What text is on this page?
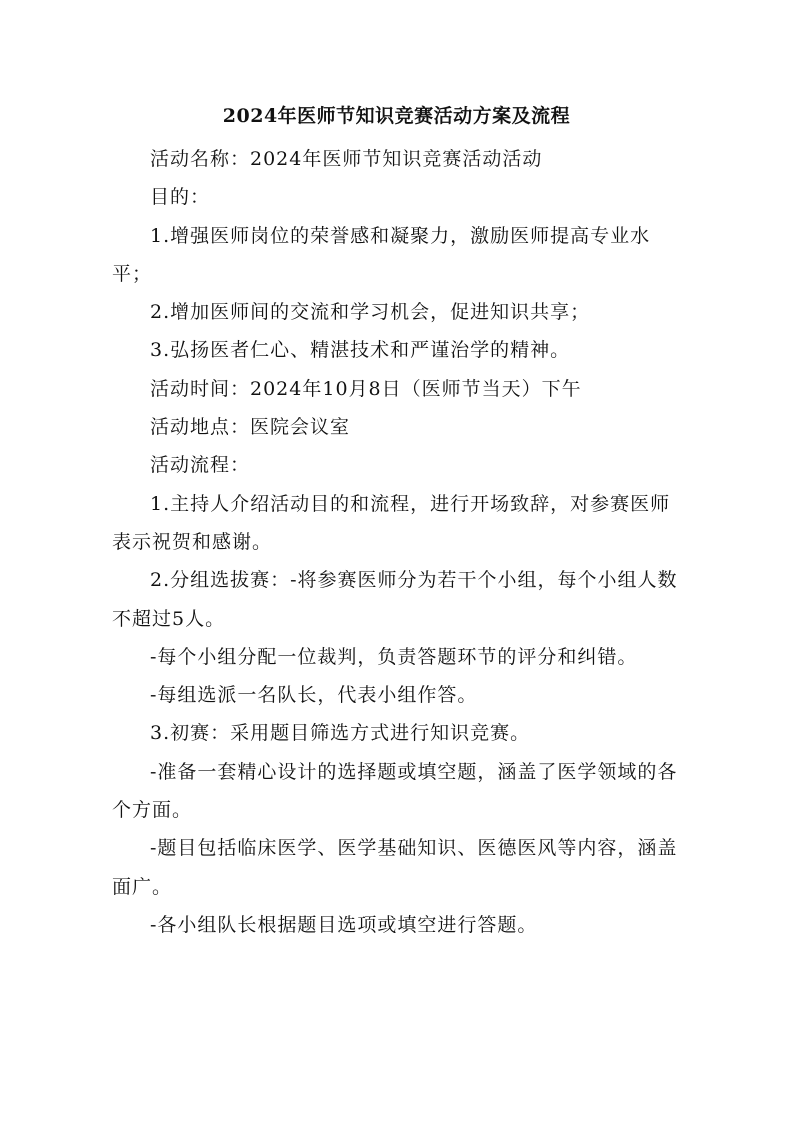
2024年医师节知识竞赛活动方案及流程

活动名称：2024年医师节知识竞赛活动活动

目的：

1.增强医师岗位的荣誉感和凝聚力，激励医师提高专业水平；

2.增加医师间的交流和学习机会，促进知识共享；

3.弘扬医者仁心、精湛技术和严谨治学的精神。

活动时间：2024年10月8日（医师节当天）下午

活动地点：医院会议室

活动流程：

1.主持人介绍活动目的和流程，进行开场致辞，对参赛医师表示祝贺和感谢。

2.分组选拔赛：-将参赛医师分为若干个小组，每个小组人数不超过5人。

-每个小组分配一位裁判，负责答题环节的评分和纠错。

-每组选派一名队长，代表小组作答。

3.初赛：采用题目筛选方式进行知识竞赛。

-准备一套精心设计的选择题或填空题，涵盖了医学领域的各个方面。

-题目包括临床医学、医学基础知识、医德医风等内容，涵盖面广。

-各小组队长根据题目选项或填空进行答题。
